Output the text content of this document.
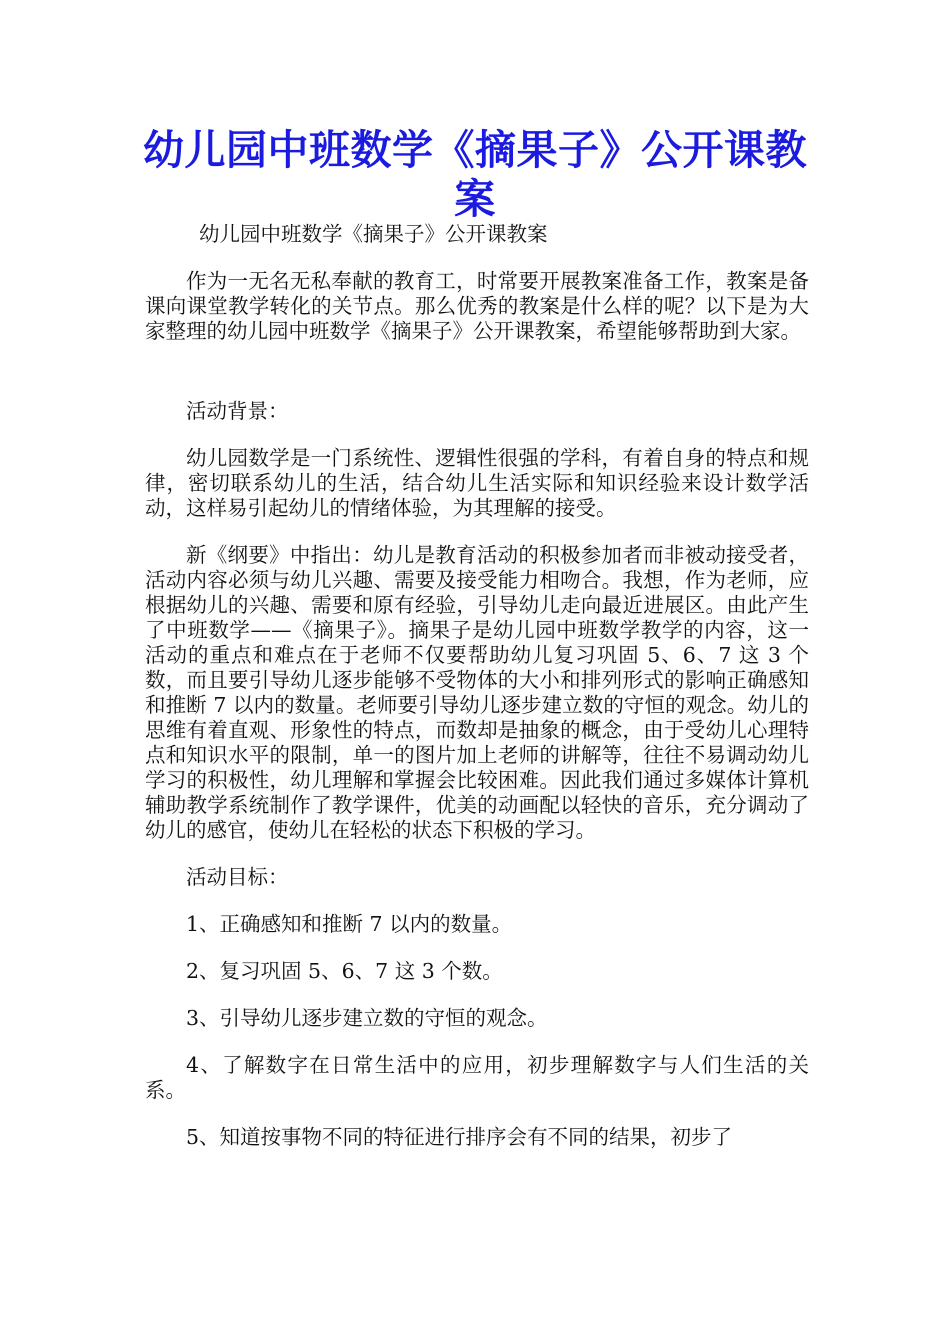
幼儿园中班数学《摘果子》公开课教案

幼儿园中班数学《摘果子》公开课教案

作为一无名无私奉献的教育工，时常要开展教案准备工作，教案是备课向课堂教学转化的关节点。那么优秀的教案是什么样的呢？以下是为大家整理的幼儿园中班数学《摘果子》公开课教案，希望能够帮助到大家。

活动背景：

幼儿园数学是一门系统性、逻辑性很强的学科，有着自身的特点和规律，密切联系幼儿的生活，结合幼儿生活实际和知识经验来设计数学活动，这样易引起幼儿的情绪体验，为其理解的接受。

新《纲要》中指出：幼儿是教育活动的积极参加者而非被动接受者，活动内容必须与幼儿兴趣、需要及接受能力相吻合。我想，作为老师，应根据幼儿的兴趣、需要和原有经验，引导幼儿走向最近进展区。由此产生了中班数学——《摘果子》。摘果子是幼儿园中班数学教学的内容，这一活动的重点和难点在于老师不仅要帮助幼儿复习巩固 5、6、7 这 3 个数，而且要引导幼儿逐步能够不受物体的大小和排列形式的影响正确感知和推断 7 以内的数量。老师要引导幼儿逐步建立数的守恒的观念。幼儿的思维有着直观、形象性的特点，而数却是抽象的概念，由于受幼儿心理特点和知识水平的限制，单一的图片加上老师的讲解等，往往不易调动幼儿学习的积极性，幼儿理解和掌握会比较困难。因此我们通过多媒体计算机辅助教学系统制作了教学课件，优美的动画配以轻快的音乐，充分调动了幼儿的感官，使幼儿在轻松的状态下积极的学习。

活动目标：

1、正确感知和推断 7 以内的数量。

2、复习巩固 5、6、7 这 3 个数。

3、引导幼儿逐步建立数的守恒的观念。

4、了解数字在日常生活中的应用，初步理解数字与人们生活的关系。

5、知道按事物不同的特征进行排序会有不同的结果，初步了
